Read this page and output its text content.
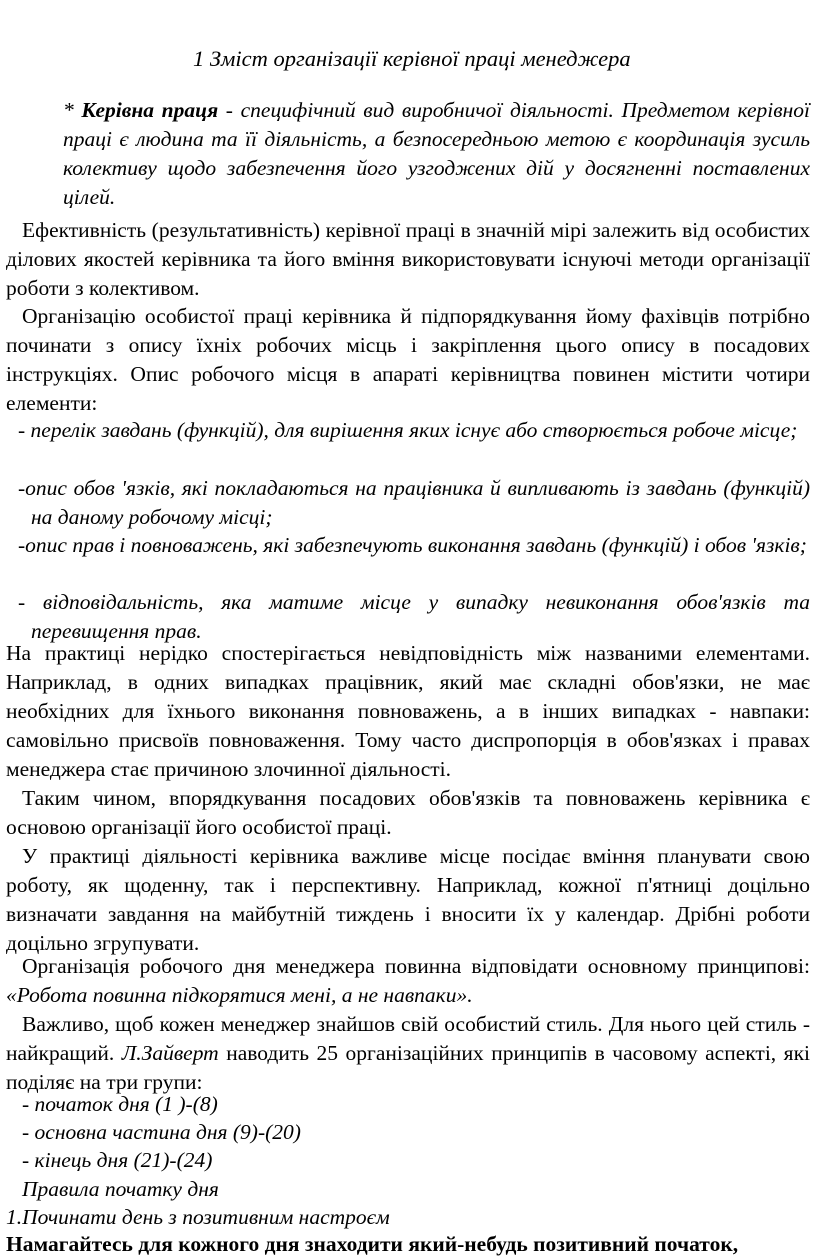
1 Зміст організації керівної праці менеджера

* Керівна праця - специфічний вид виробничої діяльності. Предметом керівної праці є людина та її діяльність, а безпосередньою метою є координація зусиль колективу щодо забезпечення його узгоджених дій у досягненні поставлених цілей.

Ефективність (результативність) керівної праці в значній мірі залежить від особистих ділових якостей керівника та його вміння використовувати існуючі методи організації роботи з колективом.

Організацію особистої праці керівника й підпорядкування йому фахівців потрібно починати з опису їхніх робочих місць і закріплення цього опису в посадових інструкціях. Опис робочого місця в апараті керівництва повинен містити чотири елементи:

- перелік завдань (функцій), для вирішення яких існує або створюється робоче місце;
-опис обов 'язків, які покладаються на працівника й випливають із завдань (функцій) на даному робочому місці;
-опис прав і повноважень, які забезпечують виконання завдань (функцій) і обов 'язків;
- відповідальність, яка матиме місце у випадку невиконання обов'язків та перевищення прав.

На практиці нерідко спостерігається невідповідність між названими елементами. Наприклад, в одних випадках працівник, який має складні обов'язки, не має необхідних для їхнього виконання повноважень, а в інших випадках - навпаки: самовільно присвоїв повноваження. Тому часто диспропорція в обов'язках і правах менеджера стає причиною злочинної діяльності.

Таким чином, впорядкування посадових обов'язків та повноважень керівника є основою організації його особистої праці.

У практиці діяльності керівника важливе місце посідає вміння планувати свою роботу, як щоденну, так і перспективну. Наприклад, кожної п'ятниці доцільно визначати завдання на майбутній тиждень і вносити їх у календар. Дрібні роботи доцільно згрупувати.

Організація робочого дня менеджера повинна відповідати основному принципові: «Робота повинна підкорятися мені, а не навпаки».

Важливо, щоб кожен менеджер знайшов свій особистий стиль. Для нього цей стиль - найкращий. Л.Зайверт наводить 25 організаційних принципів в часовому аспекті, які поділяє на три групи:

- початок дня (1 )-(8)
- основна частина дня (9)-(20)
- кінець дня (21)-(24)
Правила початку дня
1.Починати день з позитивним настроєм
Намагайтесь для кожного дня знаходити який-небудь позитивний початок,
